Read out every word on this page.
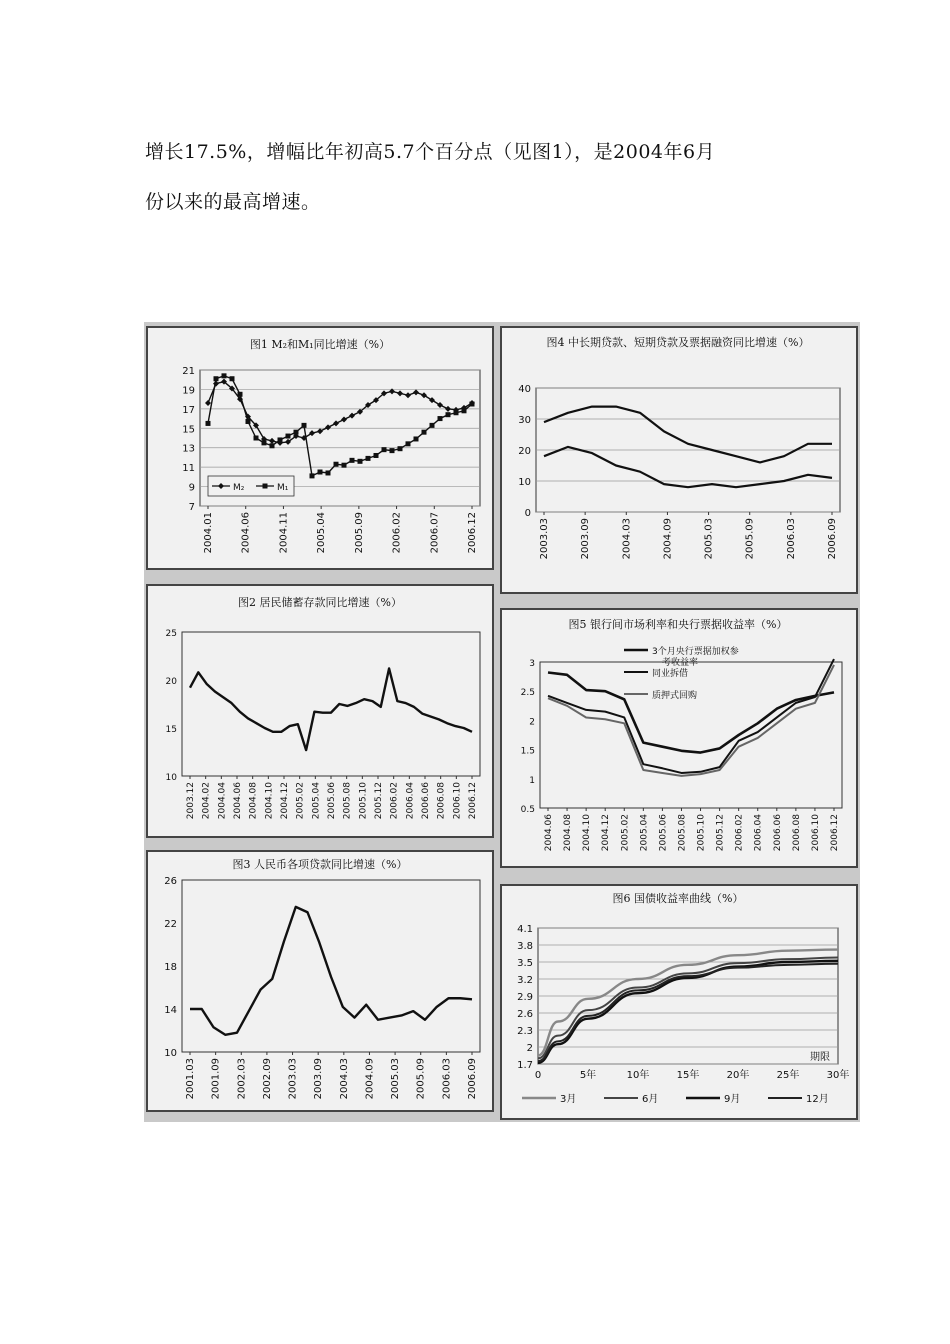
增长17.5%，增幅比年初高5.7个百分点（见图1），是2004年6月
份以来的最高增速。
图1 M₂和M₁同比增速（%）
21
19
17
15
13
11
9
7
2004.01	2004.06	2004.11	2005.04	2005.09	2006.02	2006.07	2006.12
M₂	M₁
图4 中长期贷款、短期贷款及票据融资同比增速（%）
40
30
20
10
0
2003.03	2003.09	2004.03	2004.09	2005.03	2005.09	2006.03	2006.09
图2 居民储蓄存款同比增速（%）
25
20
15
10
2003.12 2004.02 2004.04 2004.06 2004.08 2004.10 2004.12 2005.02 2005.04 2005.06 2005.08 2005.10 2005.12 2006.02 2006.04 2006.06 2006.08 2006.10 2006.12
图5 银行间市场利率和央行票据收益率（%）
3
2.5
2
1.5
1
0.5
2004.06 2004.08 2004.10 2004.12 2005.02 2005.04 2005.06 2005.08 2005.10 2005.12 2006.02 2006.04 2006.06 2006.08 2006.10 2006.12
3个月央行票据加权参
考收益率
同业拆借
质押式回购
图3 人民币各项贷款同比增速（%）
26
22
18
14
10
2001.03 2001.09 2002.03 2002.09 2003.03 2003.09 2004.03 2004.09 2005.03 2005.09 2006.03 2006.09
图6 国债收益率曲线（%）
4.1
3.8
3.5
3.2
2.9
2.6
2.3
2
1.7
0	5年	10年	15年	20年	25年	30年
期限
3月	6月	9月	12月
